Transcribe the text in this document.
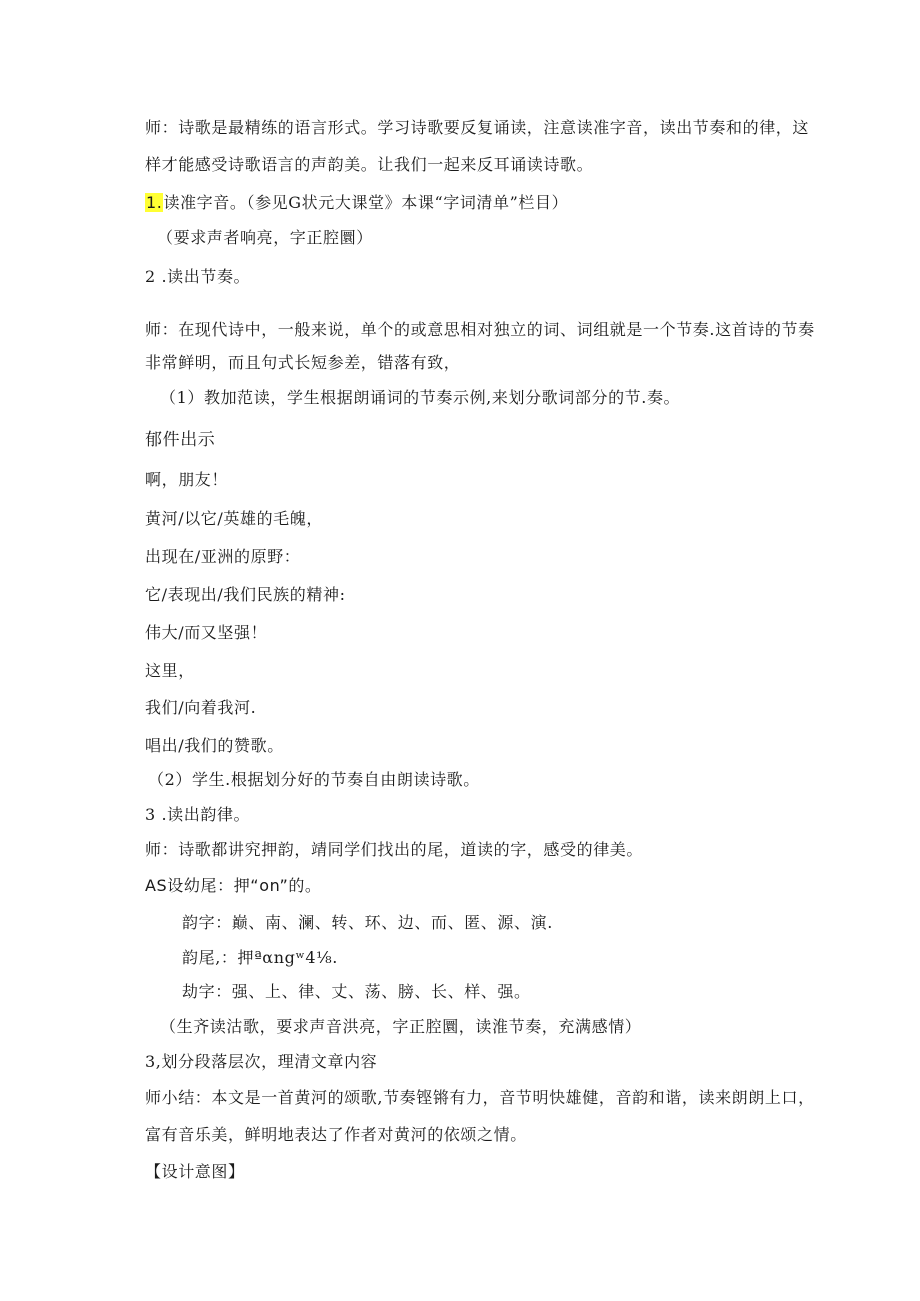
师：诗歌是最精练的语言形式。学习诗歌要反复诵读，注意读准字音，读出节奏和的律，这
样才能感受诗歌语言的声韵美。让我们一起来反耳诵读诗歌。
1.读准字音。（参见G状元大课堂》本课“字词清单”栏目）
（要求声者响亮，字正腔圜）
2 .读出节奏。
师：在现代诗中，一般来说，单个的或意思相对独立的词、词组就是一个节奏.这首诗的节奏
非常鲜明，而且句式长短参差，错落有致，
（1）教加范读，学生根据朗诵词的节奏示例,来划分歌词部分的节.奏。
郁件出示
啊，朋友！
黄河/以它/英雄的毛魄，
出现在/亚洲的原野：
它/表现出/我们民族的精神:
伟大/而又坚强！
这里，
我们/向着我河.
唱出/我们的赞歌。
（2）学生.根据划分好的节奏自由朗读诗歌。
3 .读出韵律。
师：诗歌都讲究押韵，靖同学们找出的尾，道读的字，感受的律美。
AS设幼尾：押“on”的。
韵字：巅、南、澜、转、环、边、而、匿、源、演.
韵尾,：押ªαngʷ4⅛.
劫字：强、上、律、丈、荡、膀、长、样、强。
（生齐读沽歌，要求声音洪亮，字正腔圜，读淮节奏，充满感情）
3,划分段落层次，理清文章内容
师小结：本文是一首黄河的颂歌,节奏铿锵有力，音节明快雄健，音韵和谐，读来朗朗上口，
富有音乐美，鲜明地表达了作者对黄河的依颂之情。
【设计意图】
